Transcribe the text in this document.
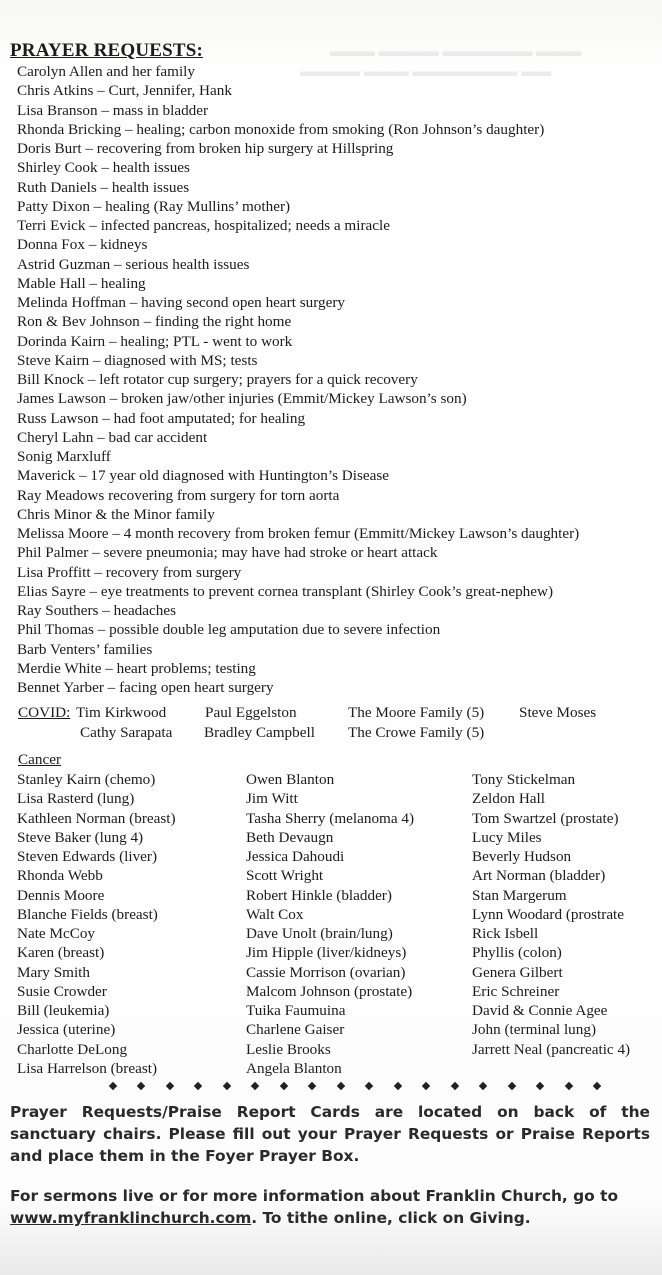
▬▬▬ ▬▬▬▬ ▬▬▬▬▬▬ ▬▬▬
▬▬▬▬ ▬▬▬ ▬▬▬▬▬▬▬ ▬▬
PRAYER REQUESTS:
Carolyn Allen and her family
Chris Atkins – Curt, Jennifer, Hank
Lisa Branson – mass in bladder
Rhonda Bricking – healing; carbon monoxide from smoking (Ron Johnson’s daughter)
Doris Burt – recovering from broken hip surgery at Hillspring
Shirley Cook – health issues
Ruth Daniels – health issues
Patty Dixon – healing (Ray Mullins’ mother)
Terri Evick – infected pancreas, hospitalized; needs a miracle
Donna Fox – kidneys
Astrid Guzman – serious health issues
Mable Hall – healing
Melinda Hoffman – having second open heart surgery
Ron & Bev Johnson – finding the right home
Dorinda Kairn – healing; PTL - went to work
Steve Kairn – diagnosed with MS; tests
Bill Knock – left rotator cup surgery; prayers for a quick recovery
James Lawson – broken jaw/other injuries (Emmit/Mickey Lawson’s son)
Russ Lawson – had foot amputated; for healing
Cheryl Lahn – bad car accident
Sonig Marxluff
Maverick – 17 year old diagnosed with Huntington’s Disease
Ray Meadows recovering from surgery for torn aorta
Chris Minor & the Minor family
Melissa Moore – 4 month recovery from broken femur (Emmitt/Mickey Lawson’s daughter)
Phil Palmer – severe pneumonia; may have had stroke or heart attack
Lisa Proffitt – recovery from surgery
Elias Sayre – eye treatments to prevent cornea transplant (Shirley Cook’s great-nephew)
Ray Southers – headaches
Phil Thomas – possible double leg amputation due to severe infection
Barb Venters’ families
Merdie White – heart problems; testing
Bennet Yarber – facing open heart surgery
COVID: Tim Kirkwood	Paul Eggelston	The Moore Family (5) Steve Moses
Cathy Sarapata Bradley Campbell The Crowe Family (5)
Cancer
Stanley Kairn (chemo)
Lisa Rasterd (lung)
Kathleen Norman (breast)
Steve Baker (lung 4)
Steven Edwards (liver)
Rhonda Webb
Dennis Moore
Blanche Fields (breast)
Nate McCoy
Karen (breast)
Mary Smith
Susie Crowder
Bill (leukemia)
Jessica (uterine)
Charlotte DeLong
Lisa Harrelson (breast)
Owen Blanton
Jim Witt
Tasha Sherry (melanoma 4)
Beth Devaugn
Jessica Dahoudi
Scott Wright
Robert Hinkle (bladder)
Walt Cox
Dave Unolt (brain/lung)
Jim Hipple (liver/kidneys)
Cassie Morrison (ovarian)
Malcom Johnson (prostate)
Tuika Faumuina
Charlene Gaiser
Leslie Brooks
Angela Blanton
Tony Stickelman
Zeldon Hall
Tom Swartzel (prostate)
Lucy Miles
Beverly Hudson
Art Norman (bladder)
Stan Margerum
Lynn Woodard (prostrate
Rick Isbell
Phyllis (colon)
Genera Gilbert
Eric Schreiner
David & Connie Agee
John (terminal lung)
Jarrett Neal (pancreatic 4)
Prayer Requests/Praise Report Cards are located on back of the sanctuary chairs. Please fill out your Prayer Requests or Praise Reports and place them in the Foyer Prayer Box.
For sermons live or for more information about Franklin Church, go to www.myfranklinchurch.com. To tithe online, click on Giving.
